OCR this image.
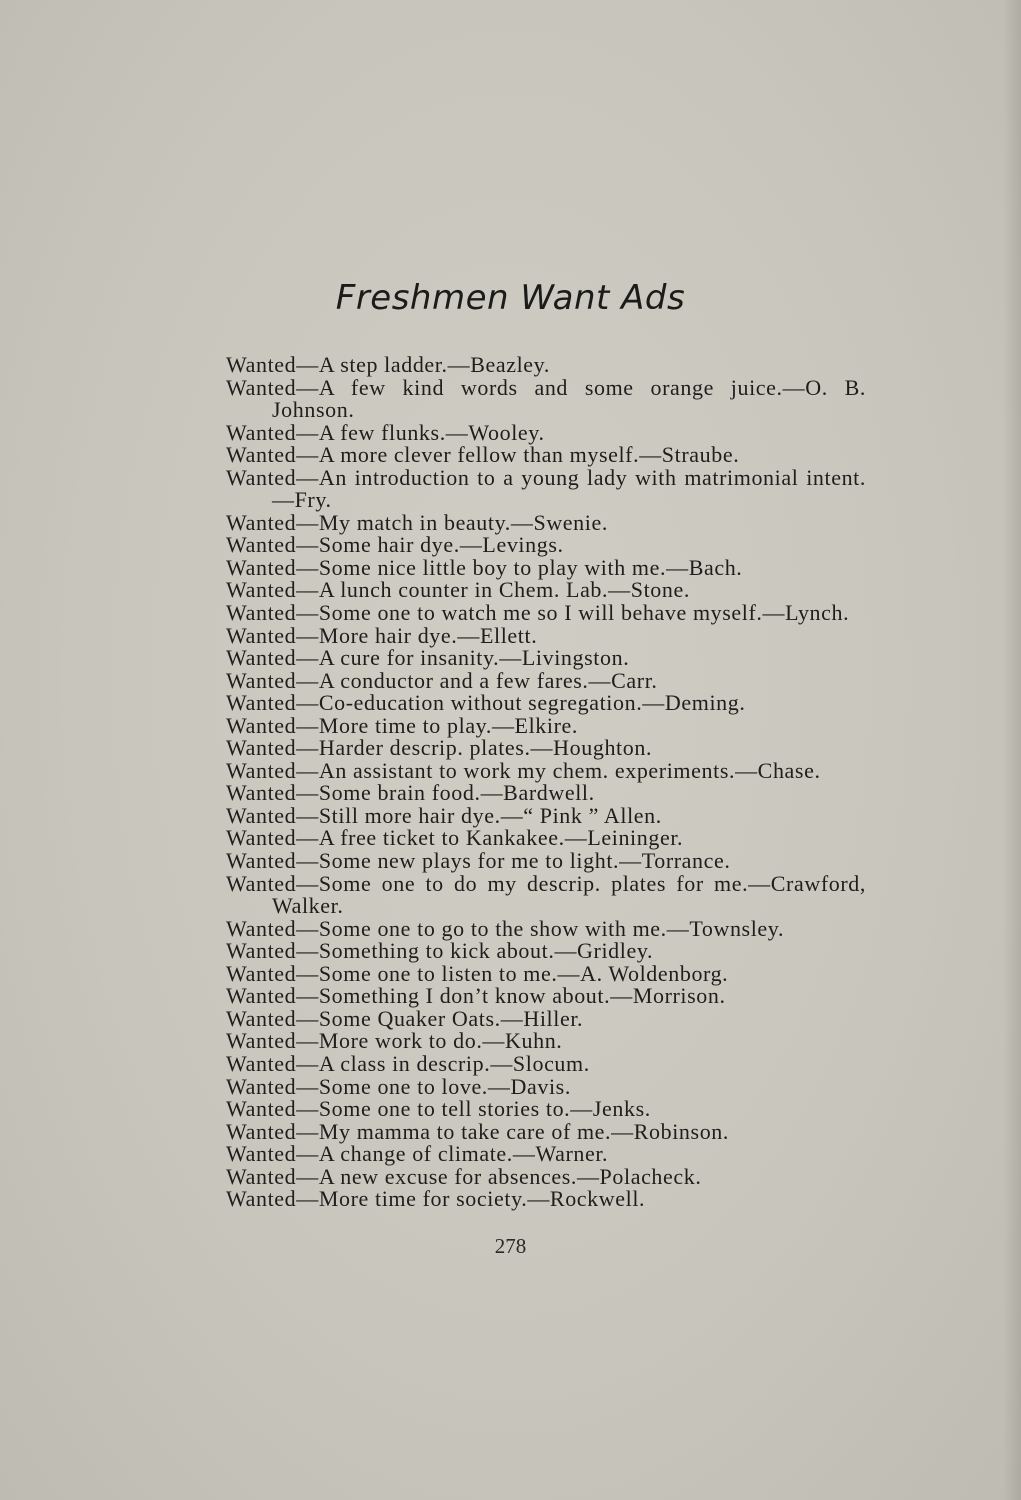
Freshmen Want Ads
Wanted—A step ladder.—Beazley.
Wanted—A few kind words and some orange juice.—O. B. Johnson.
Wanted—A few flunks.—Wooley.
Wanted—A more clever fellow than myself.—Straube.
Wanted—An introduction to a young lady with matrimonial intent. —Fry.
Wanted—My match in beauty.—Swenie.
Wanted—Some hair dye.—Levings.
Wanted—Some nice little boy to play with me.—Bach.
Wanted—A lunch counter in Chem. Lab.—Stone.
Wanted—Some one to watch me so I will behave myself.—Lynch.
Wanted—More hair dye.—Ellett.
Wanted—A cure for insanity.—Livingston.
Wanted—A conductor and a few fares.—Carr.
Wanted—Co-education without segregation.—Deming.
Wanted—More time to play.—Elkire.
Wanted—Harder descrip. plates.—Houghton.
Wanted—An assistant to work my chem. experiments.—Chase.
Wanted—Some brain food.—Bardwell.
Wanted—Still more hair dye.—“ Pink ” Allen.
Wanted—A free ticket to Kankakee.—Leininger.
Wanted—Some new plays for me to light.—Torrance.
Wanted—Some one to do my descrip. plates for me.—Crawford, Walker.
Wanted—Some one to go to the show with me.—Townsley.
Wanted—Something to kick about.—Gridley.
Wanted—Some one to listen to me.—A. Woldenborg.
Wanted—Something I don’t know about.—Morrison.
Wanted—Some Quaker Oats.—Hiller.
Wanted—More work to do.—Kuhn.
Wanted—A class in descrip.—Slocum.
Wanted—Some one to love.—Davis.
Wanted—Some one to tell stories to.—Jenks.
Wanted—My mamma to take care of me.—Robinson.
Wanted—A change of climate.—Warner.
Wanted—A new excuse for absences.—Polacheck.
Wanted—More time for society.—Rockwell.
278
